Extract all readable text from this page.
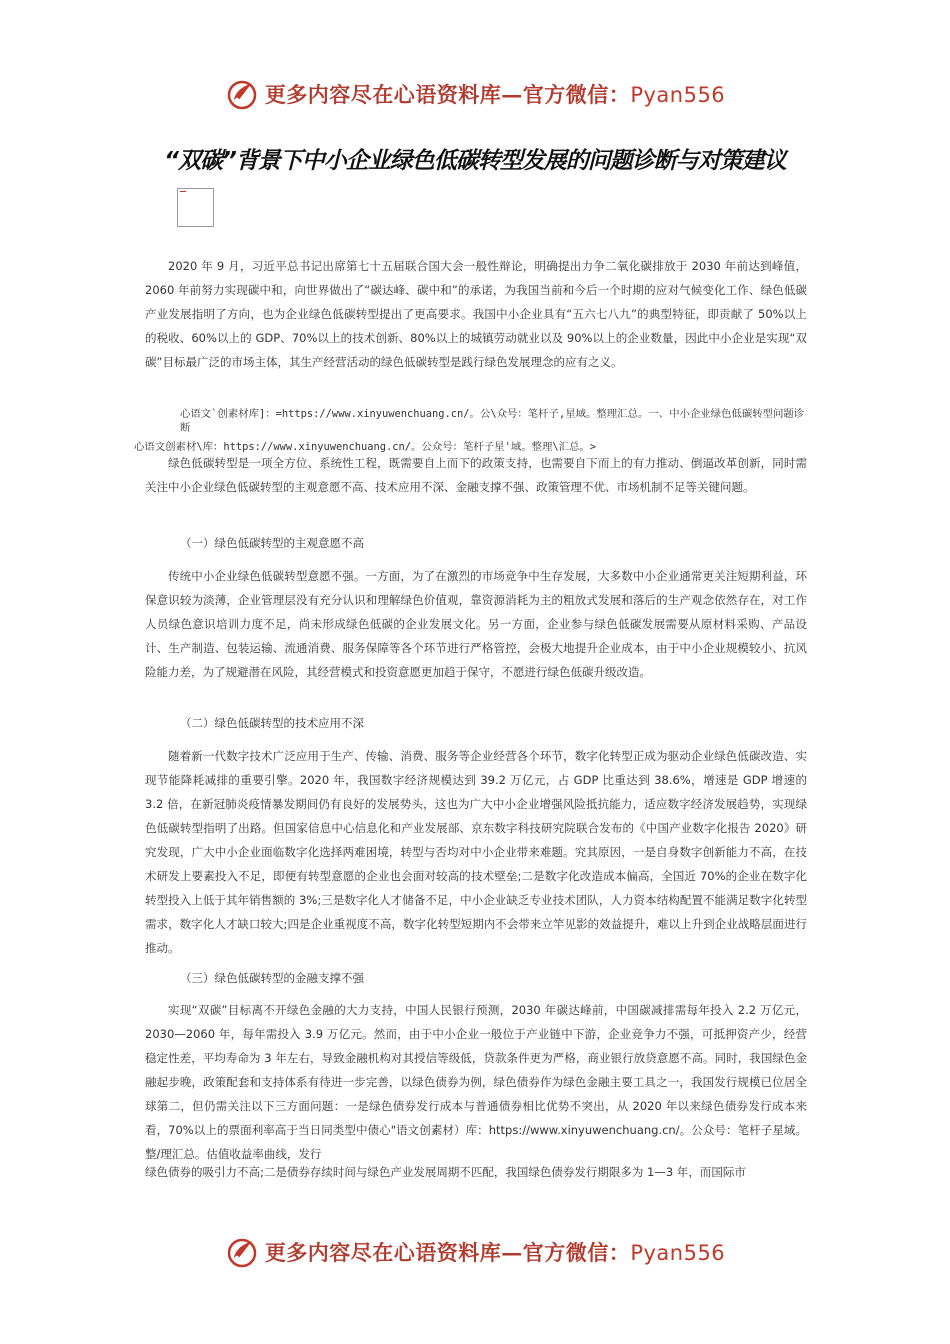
更多内容尽在心语资料库—官方微信：Pyan556
“双碳”背景下中小企业绿色低碳转型发展的问题诊断与对策建议

2020 年 9 月，习近平总书记出席第七十五届联合国大会一般性辩论，明确提出力争二氧化碳排放于 2030 年前达到峰值，2060 年前努力实现碳中和，向世界做出了“碳达峰、碳中和”的承诺，为我国当前和今后一个时期的应对气候变化工作、绿色低碳产业发展指明了方向，也为企业绿色低碳转型提出了更高要求。我国中小企业具有“五六七八九”的典型特征，即贡献了 50%以上的税收、60%以上的 GDP、70%以上的技术创新、80%以上的城镇劳动就业以及 90%以上的企业数量，因此中小企业是实现“双碳”目标最广泛的市场主体，其生产经营活动的绿色低碳转型是践行绿色发展理念的应有之义。

心语文`创素材库]：=https://www.xinyuwenchuang.cn/。公\众号：笔杆子,星域。整理汇总。一、中小企业绿色低碳转型问题诊断

心语文创素材\库：https://www.xinyuwenchuang.cn/。公众号：笔杆子星'域。整理\汇总。>

绿色低碳转型是一项全方位、系统性工程，既需要自上而下的政策支持，也需要自下而上的有力推动、倒逼改革创新，同时需关注中小企业绿色低碳转型的主观意愿不高、技术应用不深、金融支撑不强、政策管理不优、市场机制不足等关键问题。

（一）绿色低碳转型的主观意愿不高

传统中小企业绿色低碳转型意愿不强。一方面，为了在激烈的市场竞争中生存发展，大多数中小企业通常更关注短期利益，环保意识较为淡薄，企业管理层没有充分认识和理解绿色价值观，靠资源消耗为主的粗放式发展和落后的生产观念依然存在，对工作人员绿色意识培训力度不足，尚未形成绿色低碳的企业发展文化。另一方面，企业参与绿色低碳发展需要从原材料采购、产品设计、生产制造、包装运输、流通消费、服务保障等各个环节进行严格管控，会极大地提升企业成本，由于中小企业规模较小、抗风险能力差，为了规避潜在风险，其经营模式和投资意愿更加趋于保守，不愿进行绿色低碳升级改造。

（二）绿色低碳转型的技术应用不深

随着新一代数字技术广泛应用于生产、传输、消费、服务等企业经营各个环节，数字化转型正成为驱动企业绿色低碳改造、实现节能降耗减排的重要引擎。2020 年，我国数字经济规模达到 39.2 万亿元，占 GDP 比重达到 38.6%，增速是 GDP 增速的 3.2 倍，在新冠肺炎疫情暴发期间仍有良好的发展势头，这也为广大中小企业增强风险抵抗能力，适应数字经济发展趋势，实现绿色低碳转型指明了出路。但国家信息中心信息化和产业发展部、京东数字科技研究院联合发布的《中国产业数字化报告 2020》研究发现，广大中小企业面临数字化选择两难困境，转型与否均对中小企业带来难题。究其原因，一是自身数字创新能力不高，在技术研发上要素投入不足，即便有转型意愿的企业也会面对较高的技术壁垒;二是数字化改造成本偏高，全国近 70%的企业在数字化转型投入上低于其年销售额的 3%;三是数字化人才储备不足，中小企业缺乏专业技术团队，人力资本结构配置不能满足数字化转型需求，数字化人才缺口较大;四是企业重视度不高，数字化转型短期内不会带来立竿见影的效益提升，难以上升到企业战略层面进行推动。

（三）绿色低碳转型的金融支撑不强

实现“双碳”目标离不开绿色金融的大力支持，中国人民银行预测，2030 年碳达峰前，中国碳减排需每年投入 2.2 万亿元，2030—2060 年，每年需投入 3.9 万亿元。然而，由于中小企业一般位于产业链中下游，企业竞争力不强，可抵押资产少，经营稳定性差，平均寿命为 3 年左右，导致金融机构对其授信等级低，贷款条件更为严格，商业银行放贷意愿不高。同时，我国绿色金融起步晚，政策配套和支持体系有待进一步完善，以绿色债券为例，绿色债券作为绿色金融主要工具之一，我国发行规模已位居全球第二，但仍需关注以下三方面问题：一是绿色债券发行成本与普通债券相比优势不突出，从 2020 年以来绿色债券发行成本来看，70%以上的票面利率高于当日同类型中债心"语文创素材）库：https://www.xinyuwenchuang.cn/。公众号：笔杆子星域。整/理汇总。估值收益率曲线，发行

绿色债券的吸引力不高;二是债券存续时间与绿色产业发展周期不匹配，我国绿色债券发行期限多为 1—3 年，而国际市

更多内容尽在心语资料库—官方微信：Pyan556
